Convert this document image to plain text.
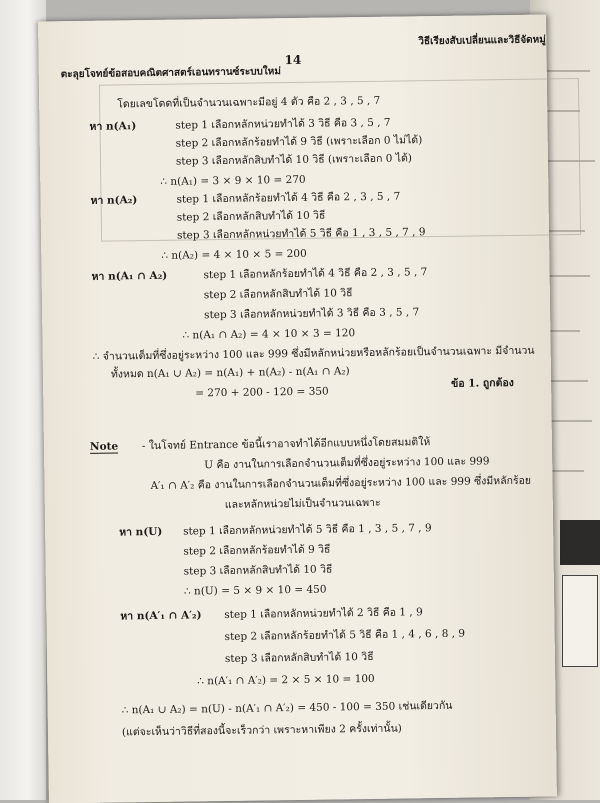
ตะลุยโจทย์ข้อสอบคณิตศาสตร์เอนทรานซ์ระบบใหม่
14
วิธีเรียงสับเปลี่ยนและวิธีจัดหมู่
โดยเลขโดดที่เป็นจำนวนเฉพาะมีอยู่ 4 ตัว คือ 2 , 3 , 5 , 7
หา n(A₁)	step 1 เลือกหลักหน่วยทำได้ 3 วิธี คือ 3 , 5 , 7
step 2 เลือกหลักร้อยทำได้ 9 วิธี (เพราะเลือก 0 ไม่ได้)
step 3 เลือกหลักสิบทำได้ 10 วิธี (เพราะเลือก 0 ได้)
∴ n(A₁) = 3 × 9 × 10 = 270
หา n(A₂)	step 1 เลือกหลักร้อยทำได้ 4 วิธี คือ 2 , 3 , 5 , 7
step 2 เลือกหลักสิบทำได้ 10 วิธี
step 3 เลือกหลักหน่วยทำได้ 5 วิธี คือ 1 , 3 , 5 , 7 , 9
∴ n(A₂) = 4 × 10 × 5 = 200
หา n(A₁ ∩ A₂)	step 1 เลือกหลักร้อยทำได้ 4 วิธี คือ 2 , 3 , 5 , 7
step 2 เลือกหลักสิบทำได้ 10 วิธี
step 3 เลือกหลักหน่วยทำได้ 3 วิธี คือ 3 , 5 , 7
∴ n(A₁ ∩ A₂) = 4 × 10 × 3 = 120
∴ จำนวนเต็มที่ซึ่งอยู่ระหว่าง 100 และ 999 ซึ่งมีหลักหน่วยหรือหลักร้อยเป็นจำนวนเฉพาะ มีจำนวน
ทั้งหมด n(A₁ ∪ A₂) = n(A₁) + n(A₂) - n(A₁ ∩ A₂)
ข้อ 1. ถูกต้อง
= 270 + 200 - 120 = 350
Note - ในโจทย์ Entrance ข้อนี้เราอาจทำได้อีกแบบหนึ่งโดยสมมติให้
U คือ งานในการเลือกจำนวนเต็มที่ซึ่งอยู่ระหว่าง 100 และ 999
A′₁ ∩ A′₂ คือ งานในการเลือกจำนวนเต็มที่ซึ่งอยู่ระหว่าง 100 และ 999 ซึ่งมีหลักร้อย
และหลักหน่วยไม่เป็นจำนวนเฉพาะ
หา n(U) step 1 เลือกหลักหน่วยทำได้ 5 วิธี คือ 1 , 3 , 5 , 7 , 9
step 2 เลือกหลักร้อยทำได้ 9 วิธี
step 3 เลือกหลักสิบทำได้ 10 วิธี
∴ n(U) = 5 × 9 × 10 = 450
หา n(A′₁ ∩ A′₂) step 1 เลือกหลักหน่วยทำได้ 2 วิธี คือ 1 , 9
step 2 เลือกหลักร้อยทำได้ 5 วิธี คือ 1 , 4 , 6 , 8 , 9
step 3 เลือกหลักสิบทำได้ 10 วิธี
∴ n(A′₁ ∩ A′₂) = 2 × 5 × 10 = 100
∴ n(A₁ ∪ A₂) = n(U) - n(A′₁ ∩ A′₂) = 450 - 100 = 350 เช่นเดียวกัน
(แต่จะเห็นว่าวิธีที่สองนี้จะเร็วกว่า เพราะหาเพียง 2 ครั้งเท่านั้น)
